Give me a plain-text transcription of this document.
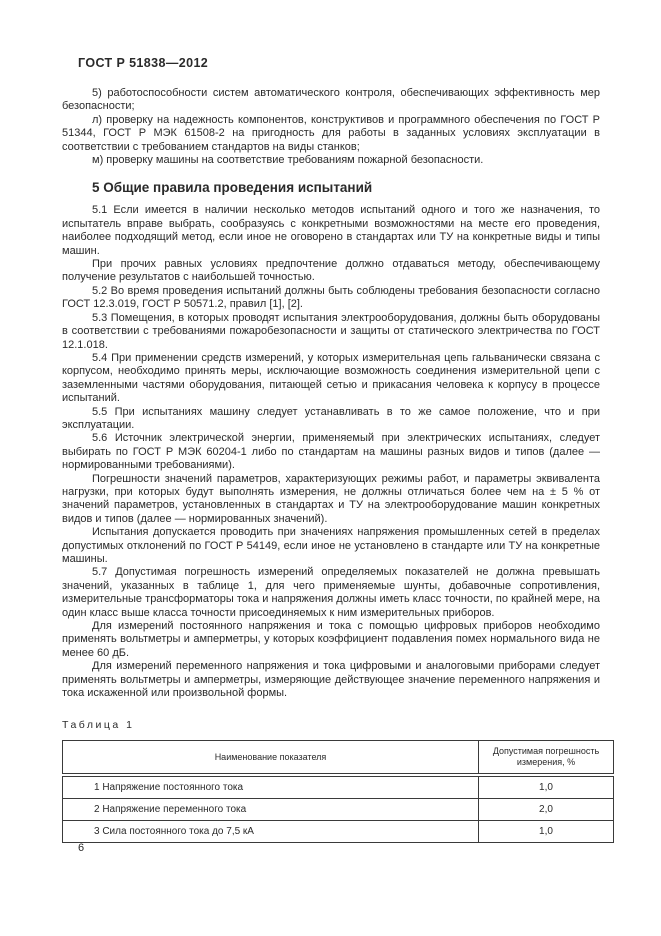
ГОСТ Р 51838—2012

5) работоспособности систем автоматического контроля, обеспечивающих эффективность мер безопасности;

л) проверку на надежность компонентов, конструктивов и программного обеспечения по ГОСТ Р 51344, ГОСТ Р МЭК 61508-2 на пригодность для работы в заданных условиях эксплуатации в соответствии с требованием стандартов на виды станков;

м) проверку машины на соответствие требованиям пожарной безопасности.

5 Общие правила проведения испытаний

5.1 Если имеется в наличии несколько методов испытаний одного и того же назначения, то испытатель вправе выбрать, сообразуясь с конкретными возможностями на месте его проведения, наиболее подходящий метод, если иное не оговорено в стандартах или ТУ на конкретные виды и типы машин.

При прочих равных условиях предпочтение должно отдаваться методу, обеспечивающему получение результатов с наибольшей точностью.

5.2 Во время проведения испытаний должны быть соблюдены требования безопасности согласно ГОСТ 12.3.019, ГОСТ Р 50571.2, правил [1], [2].

5.3 Помещения, в которых проводят испытания электрооборудования, должны быть оборудованы в соответствии с требованиями пожаробезопасности и защиты от статического электричества по ГОСТ 12.1.018.

5.4 При применении средств измерений, у которых измерительная цепь гальванически связана с корпусом, необходимо принять меры, исключающие возможность соединения измерительной цепи с заземленными частями оборудования, питающей сетью и прикасания человека к корпусу в процессе испытаний.

5.5 При испытаниях машину следует устанавливать в то же самое положение, что и при эксплуатации.

5.6 Источник электрической энергии, применяемый при электрических испытаниях, следует выбирать по ГОСТ Р МЭК 60204-1 либо по стандартам на машины разных видов и типов (далее — нормированными требованиями).

Погрешности значений параметров, характеризующих режимы работ, и параметры эквивалента нагрузки, при которых будут выполнять измерения, не должны отличаться более чем на ± 5 % от значений параметров, установленных в стандартах и ТУ на электрооборудование машин конкретных видов и типов (далее — нормированных значений).

Испытания допускается проводить при значениях напряжения промышленных сетей в пределах допустимых отклонений по ГОСТ Р 54149, если иное не установлено в стандарте или ТУ на конкретные машины.

5.7 Допустимая погрешность измерений определяемых показателей не должна превышать значений, указанных в таблице 1, для чего применяемые шунты, добавочные сопротивления, измерительные трансформаторы тока и напряжения должны иметь класс точности, по крайней мере, на один класс выше класса точности присоединяемых к ним измерительных приборов.

Для измерений постоянного напряжения и тока с помощью цифровых приборов необходимо применять вольтметры и амперметры, у которых коэффициент подавления помех нормального вида не менее 60 дБ.

Для измерений переменного напряжения и тока цифровыми и аналоговыми приборами следует применять вольтметры и амперметры, измеряющие действующее значение переменного напряжения и тока искаженной или произвольной формы.

Таблица 1
Наименование показателя	Допустимая погрешность измерения, %
1 Напряжение постоянного тока	1,0
2 Напряжение переменного тока	2,0
3 Сила постоянного тока до 7,5 кА	1,0
6
